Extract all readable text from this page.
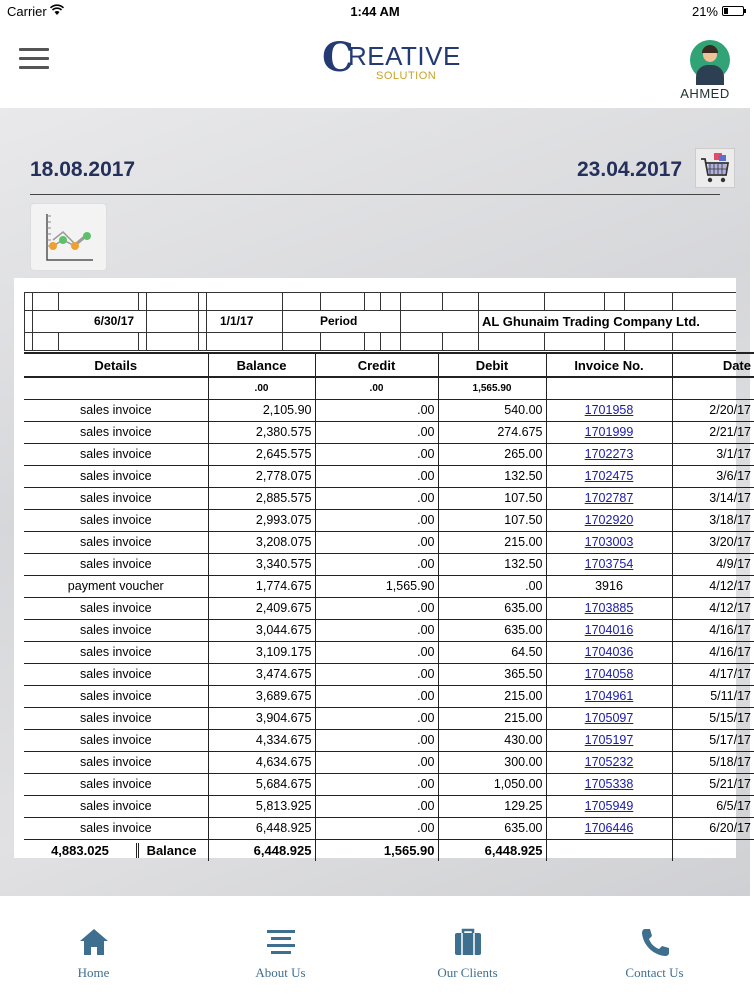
Carrier	1:44 AM	21%
C
REATIVE
SOLUTION
AHMED
18.08.2017	23.04.2017
6/30/17	1/1/17	Period	AL Ghunaim Trading Company Ltd.
Details	Balance	Credit	Debit	Invoice No.	Date
	.00	.00	1,565.90		
sales invoice	2,105.90	.00	540.00	1701958	2/20/17
sales invoice	2,380.575	.00	274.675	1701999	2/21/17
sales invoice	2,645.575	.00	265.00	1702273	3/1/17
sales invoice	2,778.075	.00	132.50	1702475	3/6/17
sales invoice	2,885.575	.00	107.50	1702787	3/14/17
sales invoice	2,993.075	.00	107.50	1702920	3/18/17
sales invoice	3,208.075	.00	215.00	1703003	3/20/17
sales invoice	3,340.575	.00	132.50	1703754	4/9/17
payment voucher	1,774.675	1,565.90	.00	3916	4/12/17
sales invoice	2,409.675	.00	635.00	1703885	4/12/17
sales invoice	3,044.675	.00	635.00	1704016	4/16/17
sales invoice	3,109.175	.00	64.50	1704036	4/16/17
sales invoice	3,474.675	.00	365.50	1704058	4/17/17
sales invoice	3,689.675	.00	215.00	1704961	5/11/17
sales invoice	3,904.675	.00	215.00	1705097	5/15/17
sales invoice	4,334.675	.00	430.00	1705197	5/17/17
sales invoice	4,634.675	.00	300.00	1705232	5/18/17
sales invoice	5,684.675	.00	1,050.00	1705338	5/21/17
sales invoice	5,813.925	.00	129.25	1705949	6/5/17
sales invoice	6,448.925	.00	635.00	1706446	6/20/17
4,883.025 Balance	6,448.925	1,565.90	6,448.925		
Home	About Us	Our Clients	Contact Us
